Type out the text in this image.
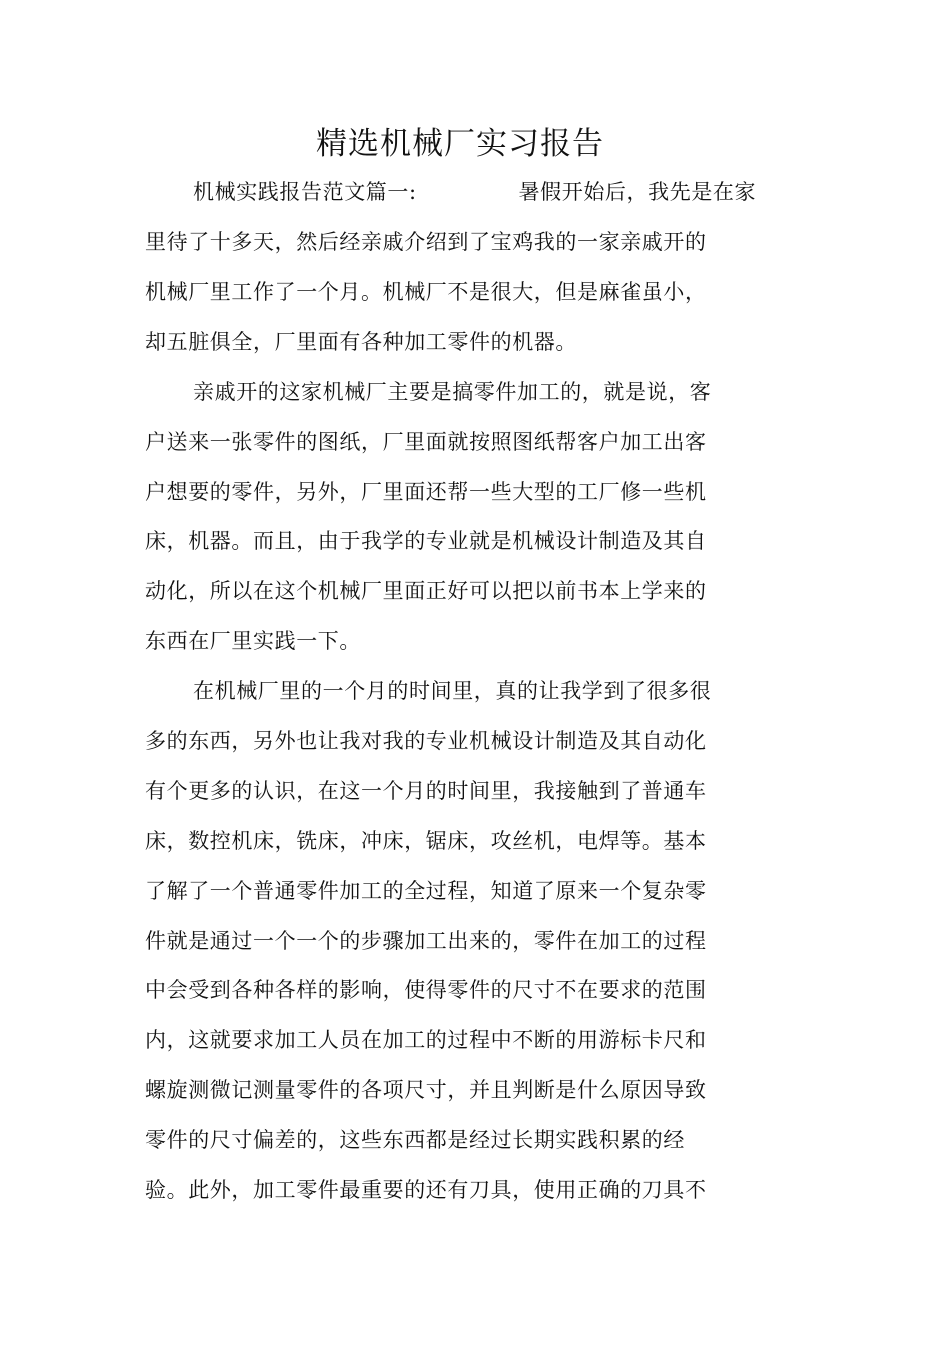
精选机械厂实习报告
机械实践报告范文篇一:              暑假开始后，我先是在家
里待了十多天，然后经亲戚介绍到了宝鸡我的一家亲戚开的
机械厂里工作了一个月。机械厂不是很大，但是麻雀虽小，
却五脏俱全，厂里面有各种加工零件的机器。
亲戚开的这家机械厂主要是搞零件加工的，就是说，客
户送来一张零件的图纸，厂里面就按照图纸帮客户加工出客
户想要的零件，另外，厂里面还帮一些大型的工厂修一些机
床，机器。而且，由于我学的专业就是机械设计制造及其自
动化，所以在这个机械厂里面正好可以把以前书本上学来的
东西在厂里实践一下。
在机械厂里的一个月的时间里，真的让我学到了很多很
多的东西，另外也让我对我的专业机械设计制造及其自动化
有个更多的认识，在这一个月的时间里，我接触到了普通车
床，数控机床，铣床，冲床，锯床，攻丝机，电焊等。基本
了解了一个普通零件加工的全过程，知道了原来一个复杂零
件就是通过一个一个的步骤加工出来的，零件在加工的过程
中会受到各种各样的影响，使得零件的尺寸不在要求的范围
内，这就要求加工人员在加工的过程中不断的用游标卡尺和
螺旋测微记测量零件的各项尺寸，并且判断是什么原因导致
零件的尺寸偏差的，这些东西都是经过长期实践积累的经
验。此外，加工零件最重要的还有刀具，使用正确的刀具不
